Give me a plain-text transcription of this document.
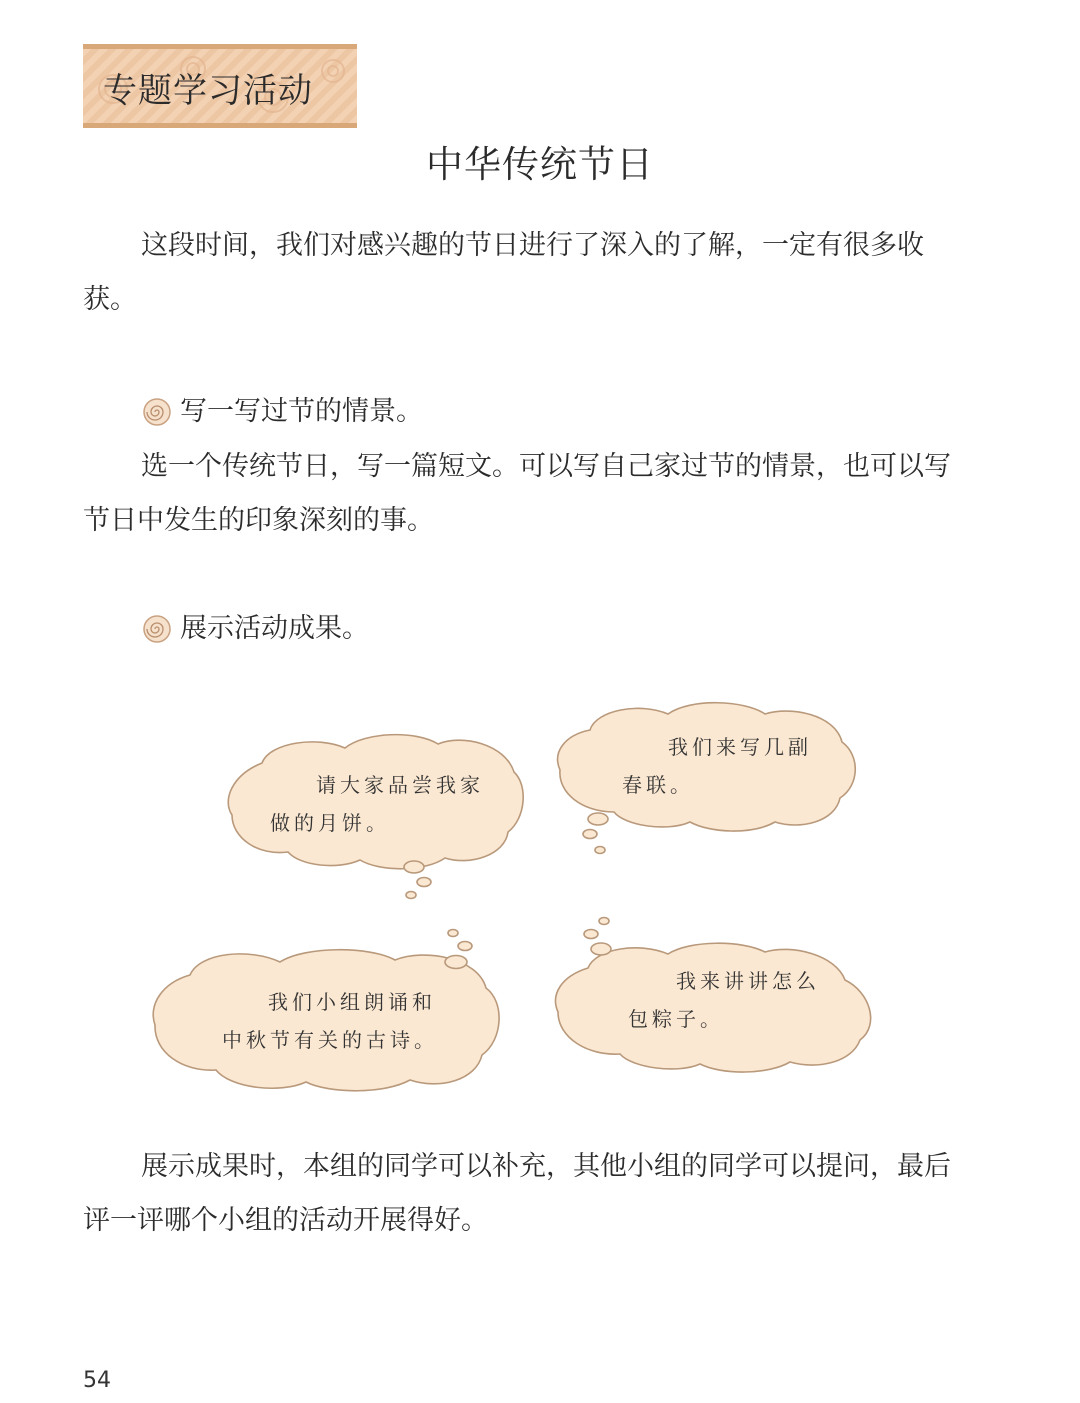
专题学习活动
中华传统节日

这段时间，我们对感兴趣的节日进行了深入的了解，一定有很多收获。

写一写过节的情景。

选一个传统节日，写一篇短文。可以写自己家过节的情景，也可以写节日中发生的印象深刻的事。

展示活动成果。
请大家品尝我家
做的月饼。
我们来写几副
春联。
我们小组朗诵和
中秋节有关的古诗。
我来讲讲怎么
包粽子。

展示成果时，本组的同学可以补充，其他小组的同学可以提问，最后评一评哪个小组的活动开展得好。

54
